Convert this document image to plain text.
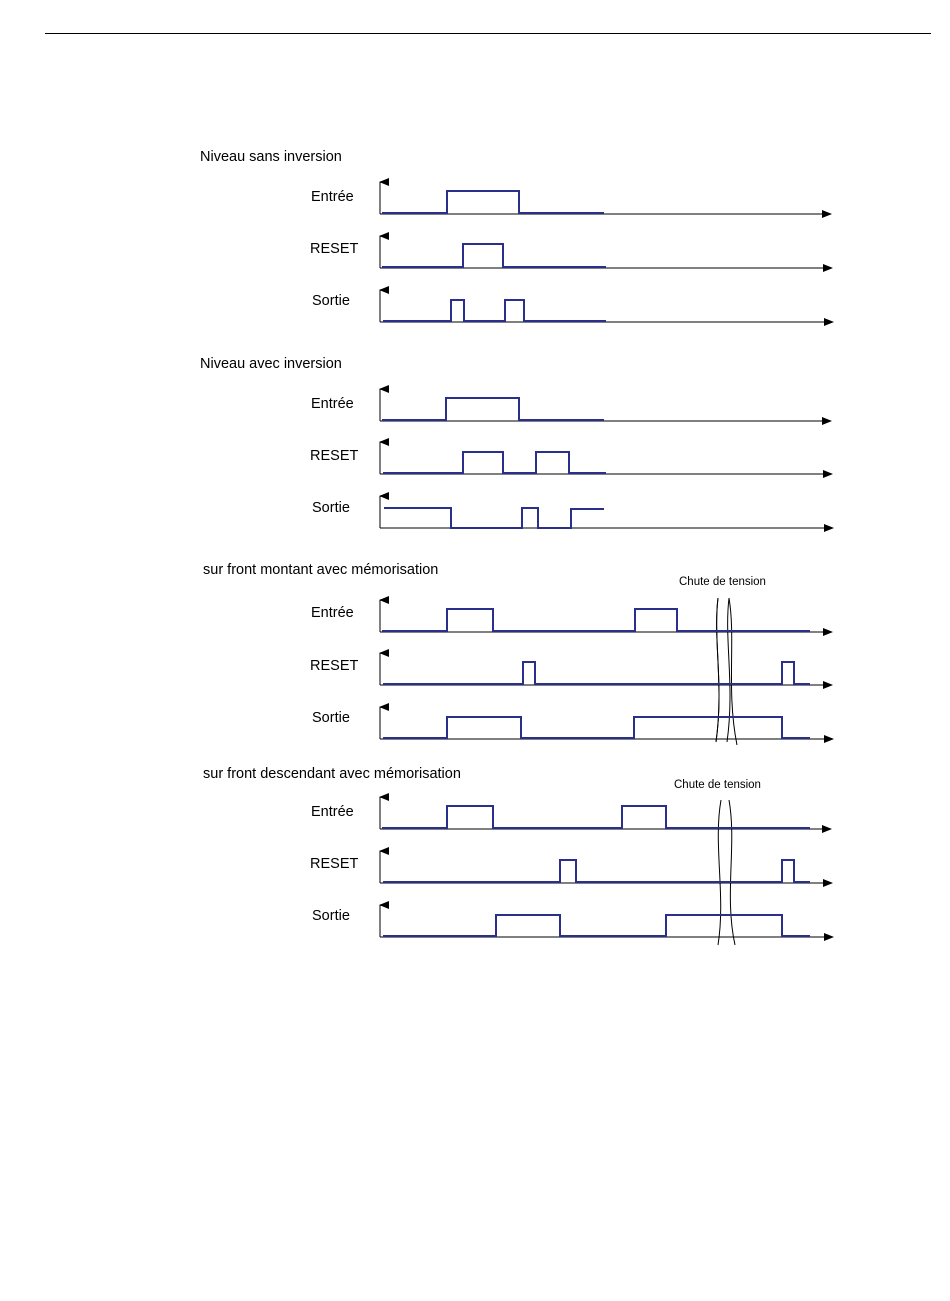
Niveau sans inversion
Entrée
RESET
Sortie
Niveau avec inversion
Entrée
RESET
Sortie
sur front montant avec mémorisation
Chute de tension
Entrée
RESET
Sortie
sur front descendant avec mémorisation
Chute de tension
Entrée
RESET
Sortie
